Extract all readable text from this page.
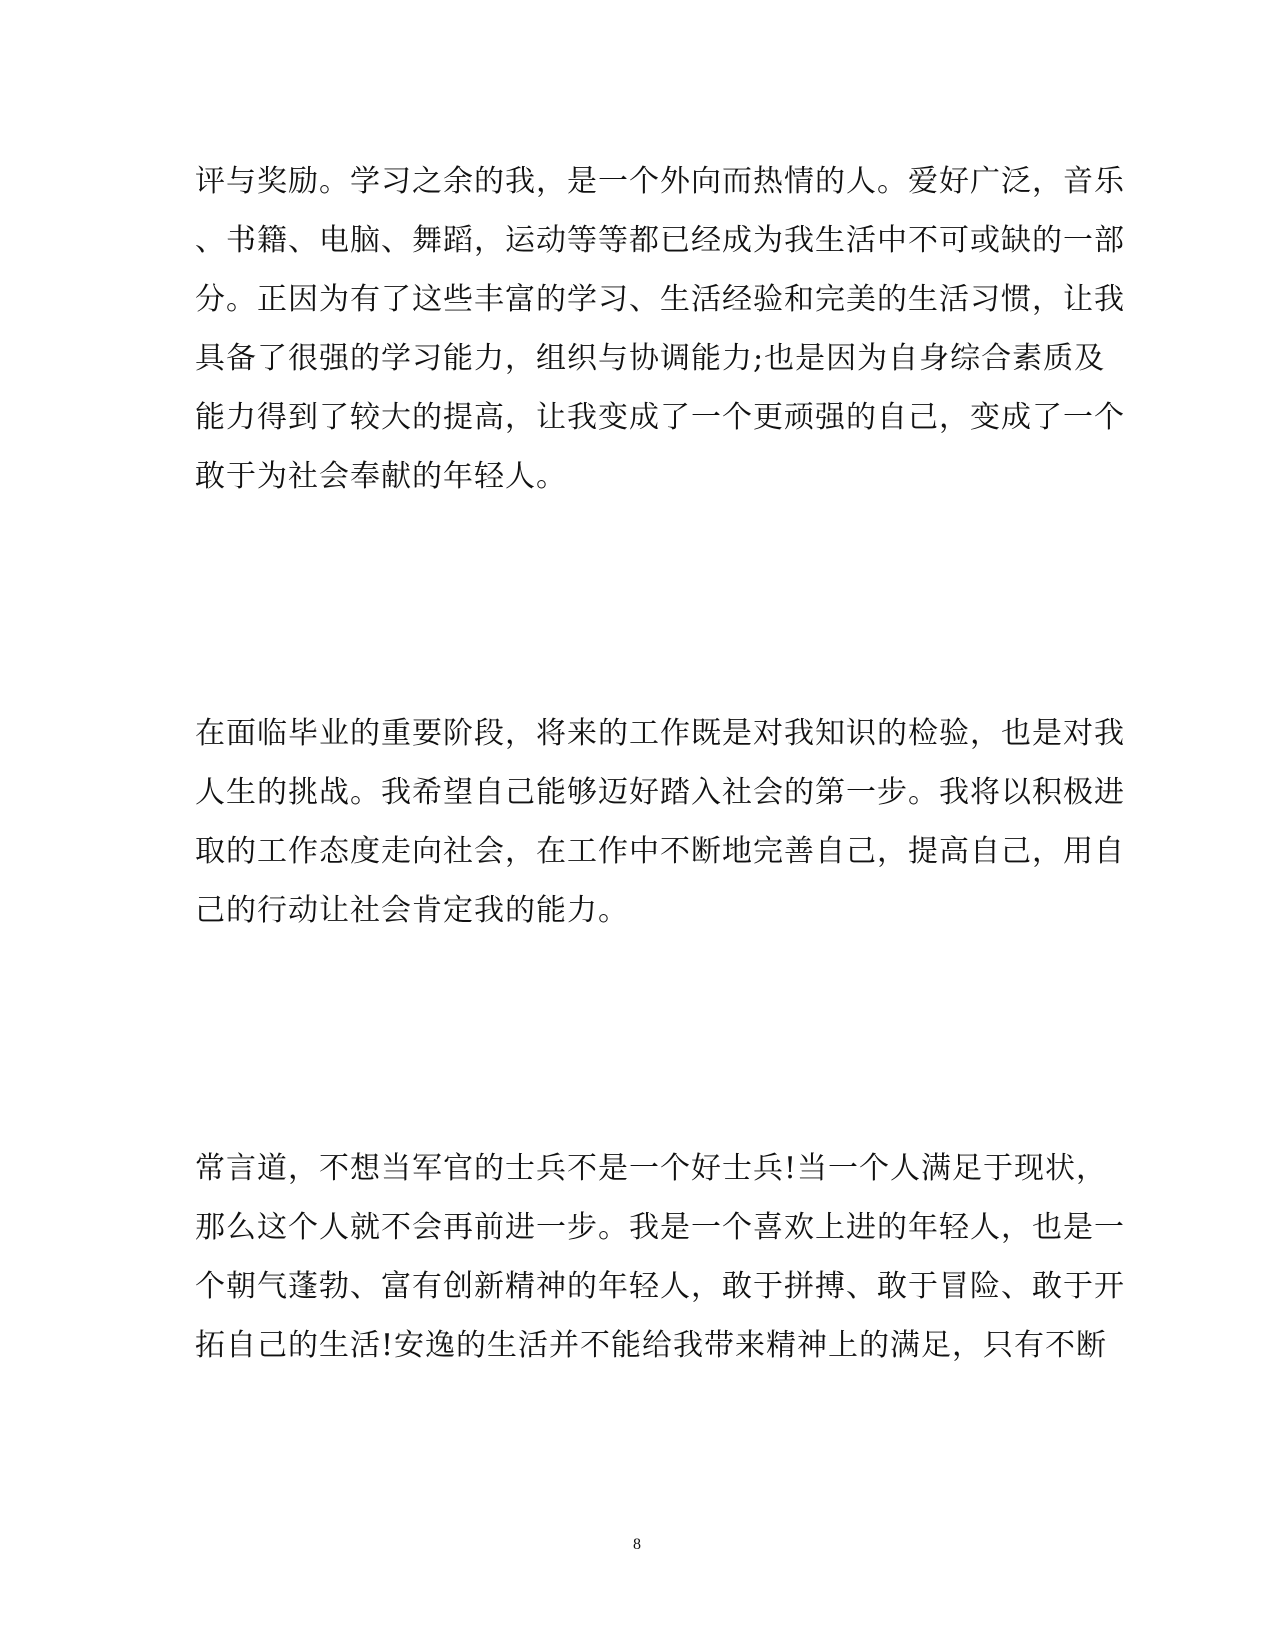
评与奖励。学习之余的我，是一个外向而热情的人。爱好广泛，音乐
、书籍、电脑、舞蹈，运动等等都已经成为我生活中不可或缺的一部
分。正因为有了这些丰富的学习、生活经验和完美的生活习惯，让我
具备了很强的学习能力，组织与协调能力;也是因为自身综合素质及
能力得到了较大的提高，让我变成了一个更顽强的自己，变成了一个
敢于为社会奉献的年轻人。
在面临毕业的重要阶段，将来的工作既是对我知识的检验，也是对我
人生的挑战。我希望自己能够迈好踏入社会的第一步。我将以积极进
取的工作态度走向社会，在工作中不断地完善自己，提高自己，用自
己的行动让社会肯定我的能力。
常言道，不想当军官的士兵不是一个好士兵!当一个人满足于现状，
那么这个人就不会再前进一步。我是一个喜欢上进的年轻人，也是一
个朝气蓬勃、富有创新精神的年轻人，敢于拼搏、敢于冒险、敢于开
拓自己的生活!安逸的生活并不能给我带来精神上的满足，只有不断
8
